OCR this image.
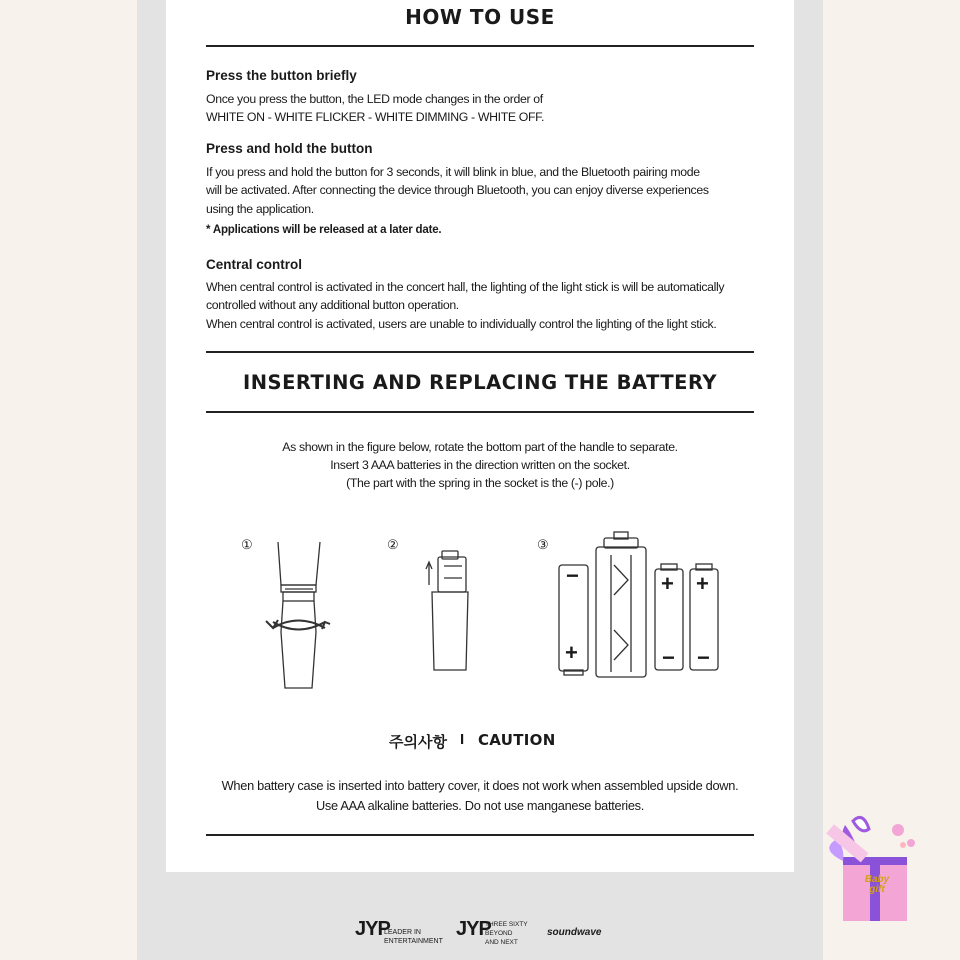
HOW TO USE
Press the button briefly
Once you press the button, the LED mode changes in the order of
WHITE ON - WHITE FLICKER - WHITE DIMMING - WHITE OFF.
Press and hold the button
If you press and hold the button for 3 seconds, it will blink in blue, and the Bluetooth pairing mode
will be activated. After connecting the device through Bluetooth, you can enjoy diverse experiences
using the application.
* Applications will be released at a later date.
Central control
When central control is activated in the concert hall, the lighting of the light stick is will be automatically
controlled without any additional button operation.
When central control is activated, users are unable to individually control the lighting of the light stick.
INSERTING AND REPLACING THE BATTERY
As shown in the figure below, rotate the bottom part of the handle to separate.
Insert 3 AAA batteries in the direction written on the socket.
(The part with the spring in the socket is the (-) pole.)
①	②	③
−
+
+
−
+
−
주의사항 I CAUTION
When battery case is inserted into battery cover, it does not work when assembled upside down.
Use AAA alkaline batteries. Do not use manganese batteries.
JYP
LEADER IN
ENTERTAINMENT
JYP
THREE SIXTY
BEYOND
AND NEXT
soundwave
Baby gift
